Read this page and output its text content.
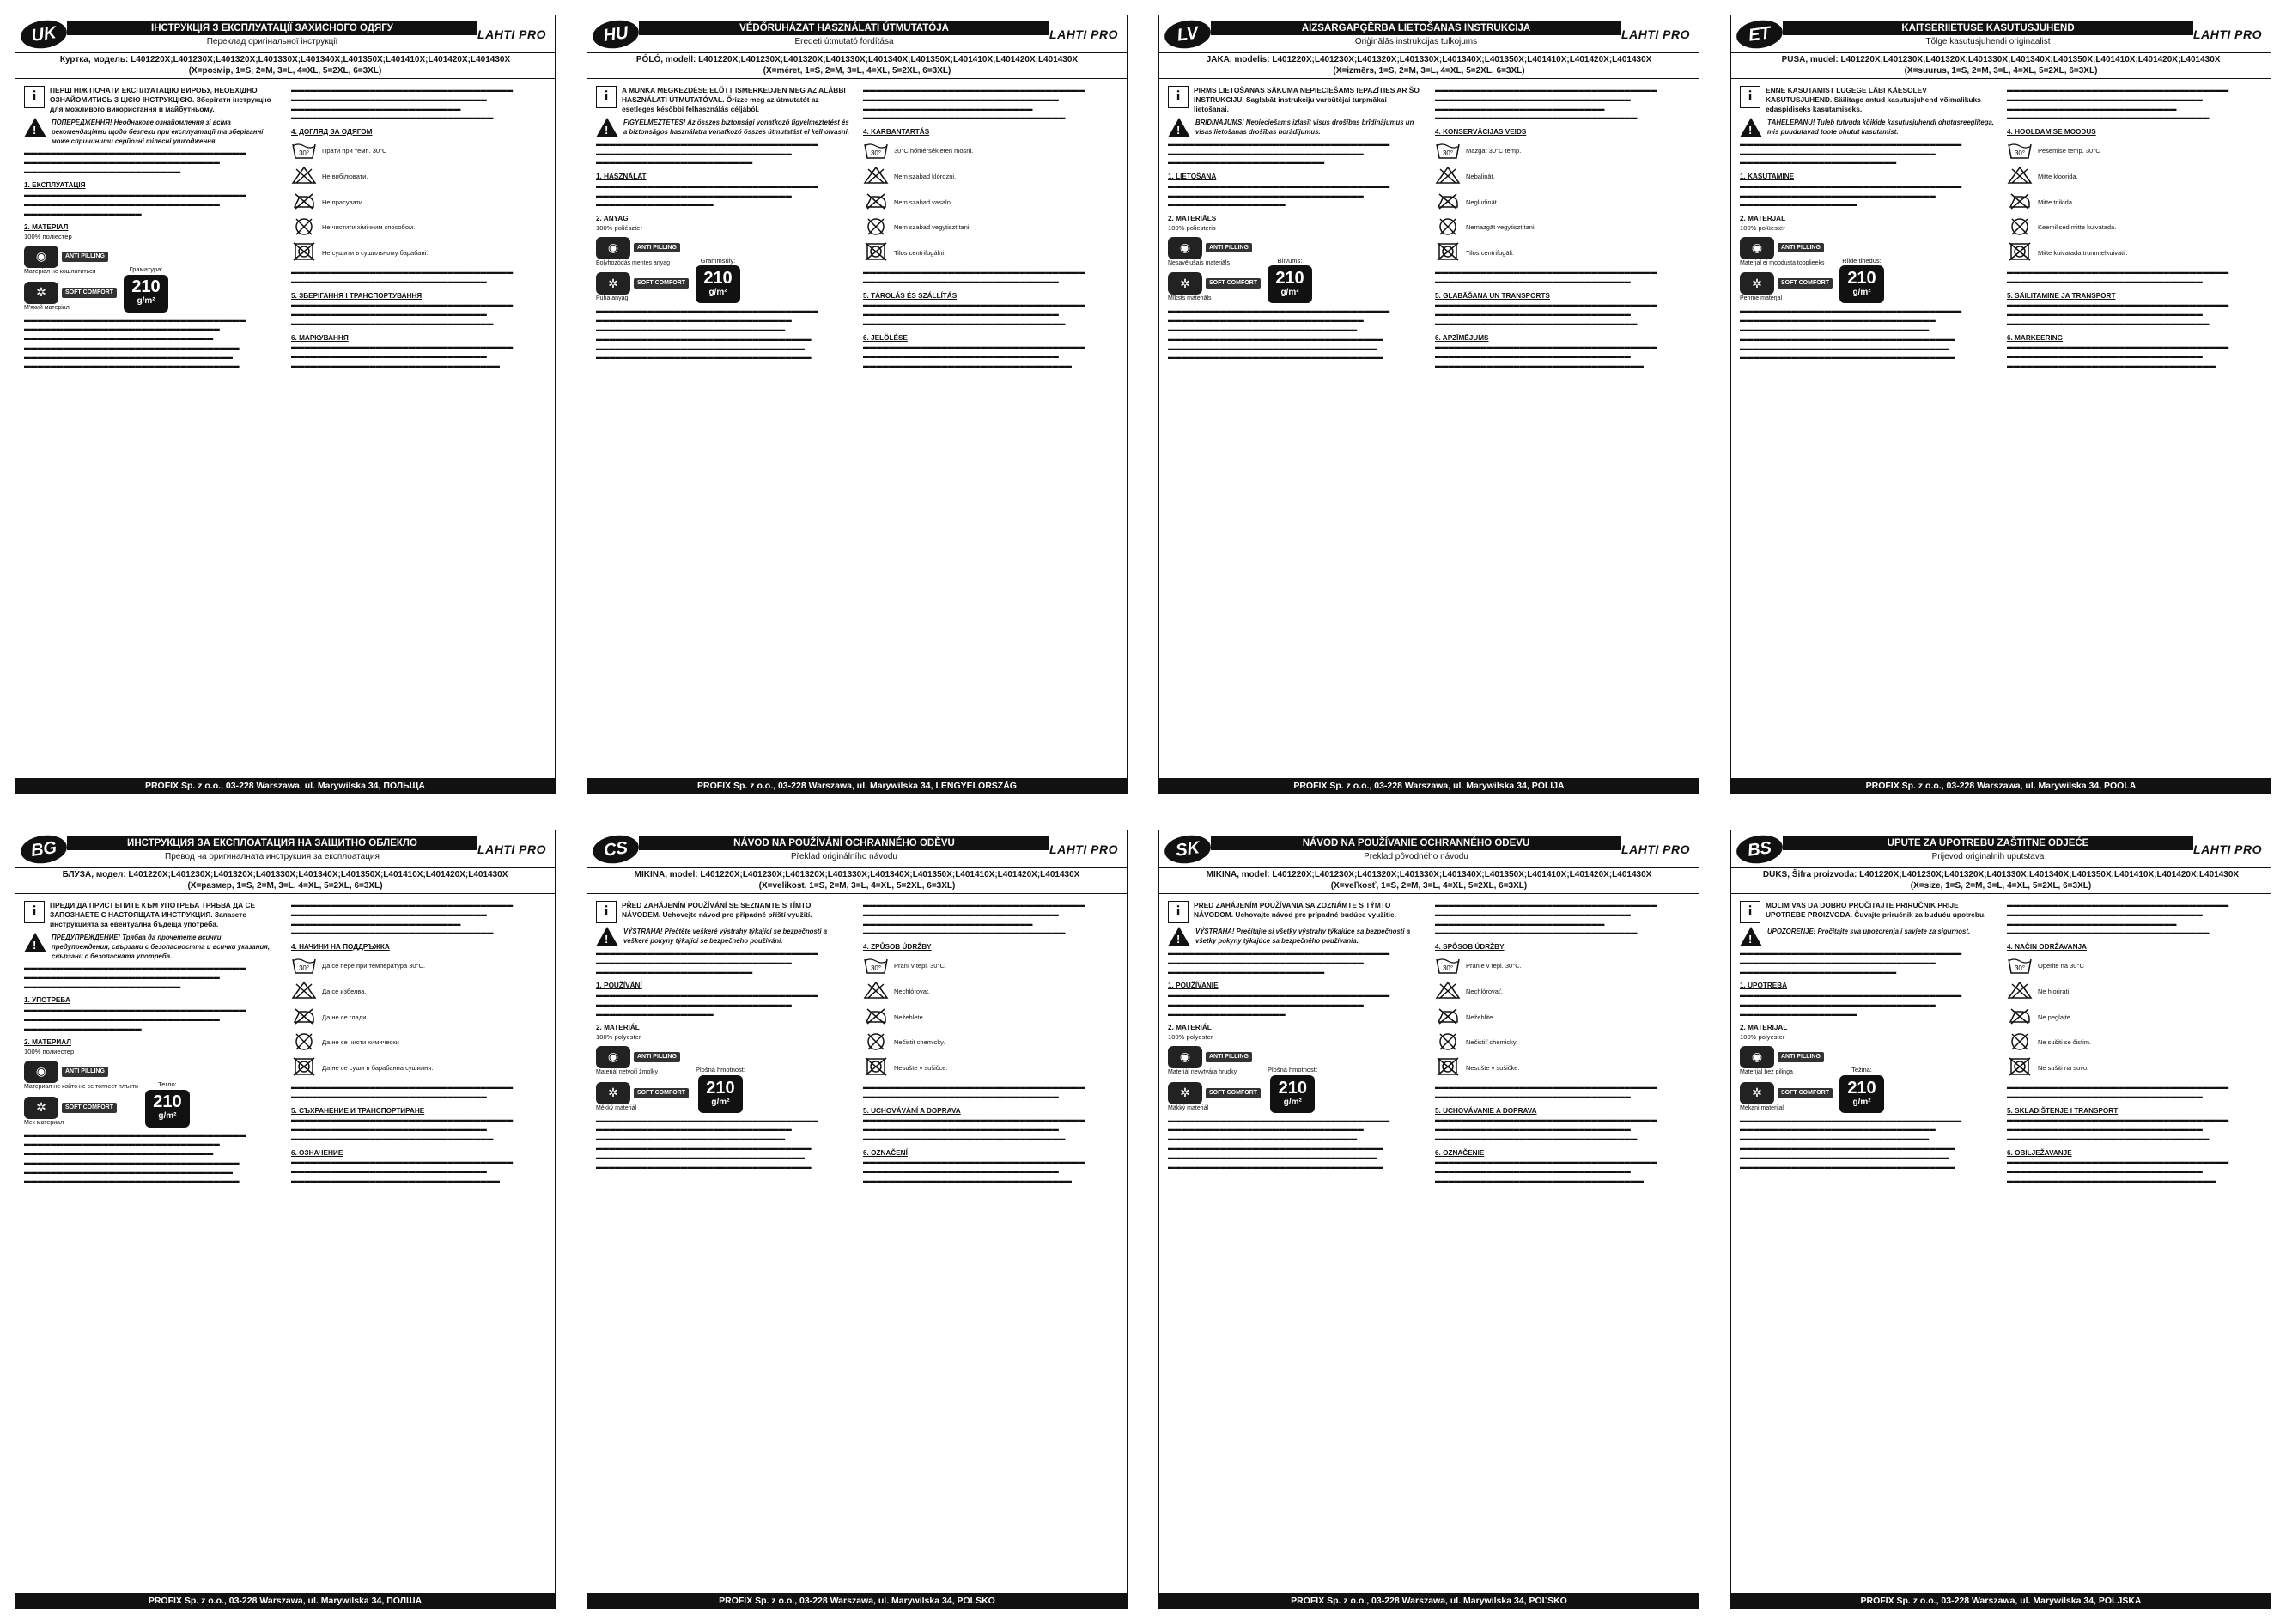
UK	ІНСТРУКЦІЯ З ЕКСПЛУАТАЦІЇ ЗАХИСНОГО ОДЯГУ
Переклад оригінальної інструкції
LAHTI PRO
Куртка, модель: L401220X;L401230X;L401320X;L401330X;L401340X;L401350X;L401410X;L401420X;L401430X
(X=розмір, 1=S, 2=M, 3=L, 4=XL, 5=2XL, 6=3XL)
i	ПЕРШ НІЖ ПОЧАТИ ЕКСПЛУАТАЦІЮ ВИРОБУ, НЕОБХІДНО ОЗНАЙОМИТИСЬ З ЦІЄЮ ІНСТРУКЦІЄЮ. Зберігати інструкцію для можливого використання в майбутньому.
!
ПОПЕРЕДЖЕННЯ! Неоднакове ознайомлення зі всіма рекомендаціями щодо безпеки при експлуатації та зберіганні може спричинити серйозні тілесні ушкодження.
▬▬▬▬▬▬▬▬▬▬▬▬▬▬▬▬▬▬▬▬▬▬▬▬▬▬▬▬▬▬▬▬▬▬ ▬▬▬▬▬▬▬▬▬▬▬▬▬▬▬▬▬▬▬▬▬▬▬▬▬▬▬▬▬▬ ▬▬▬▬▬▬▬▬▬▬▬▬▬▬▬▬▬▬▬▬▬▬▬▬
1. ЕКСПЛУАТАЦІЯ
▬▬▬▬▬▬▬▬▬▬▬▬▬▬▬▬▬▬▬▬▬▬▬▬▬▬▬▬▬▬▬▬▬▬ ▬▬▬▬▬▬▬▬▬▬▬▬▬▬▬▬▬▬▬▬▬▬▬▬▬▬▬▬▬▬ ▬▬▬▬▬▬▬▬▬▬▬▬▬▬▬▬▬▬
2. МАТЕРІАЛ
100% поліестер
◉	ANTI PILLING
Матеріал не кошлатиться
✲	SOFT COMFORT
М'який матеріал
Граматура:
210
g/m²
▬▬▬▬▬▬▬▬▬▬▬▬▬▬▬▬▬▬▬▬▬▬▬▬▬▬▬▬▬▬▬▬▬▬ ▬▬▬▬▬▬▬▬▬▬▬▬▬▬▬▬▬▬▬▬▬▬▬▬▬▬▬▬▬▬ ▬▬▬▬▬▬▬▬▬▬▬▬▬▬▬▬▬▬▬▬▬▬▬▬▬▬▬▬▬ ▬▬▬▬▬▬▬▬▬▬▬▬▬▬▬▬▬▬▬▬▬▬▬▬▬▬▬▬▬▬▬▬▬ ▬▬▬▬▬▬▬▬▬▬▬▬▬▬▬▬▬▬▬▬▬▬▬▬▬▬▬▬▬▬▬▬ ▬▬▬▬▬▬▬▬▬▬▬▬▬▬▬▬▬▬▬▬▬▬▬▬▬▬▬▬▬▬▬▬▬
▬▬▬▬▬▬▬▬▬▬▬▬▬▬▬▬▬▬▬▬▬▬▬▬▬▬▬▬▬▬▬▬▬▬ ▬▬▬▬▬▬▬▬▬▬▬▬▬▬▬▬▬▬▬▬▬▬▬▬▬▬▬▬▬▬ ▬▬▬▬▬▬▬▬▬▬▬▬▬▬▬▬▬▬▬▬▬▬▬▬▬▬ ▬▬▬▬▬▬▬▬▬▬▬▬▬▬▬▬▬▬▬▬▬▬▬▬▬▬▬▬▬▬▬
4. ДОГЛЯД ЗА ОДЯГОМ
30° Прати при темп. 30°C
Не вибілювати.
Не прасувати.
Не чистити хімічним способом.
Не сушити в сушильному барабані.
▬▬▬▬▬▬▬▬▬▬▬▬▬▬▬▬▬▬▬▬▬▬▬▬▬▬▬▬▬▬▬▬▬▬ ▬▬▬▬▬▬▬▬▬▬▬▬▬▬▬▬▬▬▬▬▬▬▬▬▬▬▬▬▬▬
5. ЗБЕРІГАННЯ І ТРАНСПОРТУВАННЯ
▬▬▬▬▬▬▬▬▬▬▬▬▬▬▬▬▬▬▬▬▬▬▬▬▬▬▬▬▬▬▬▬▬▬ ▬▬▬▬▬▬▬▬▬▬▬▬▬▬▬▬▬▬▬▬▬▬▬▬▬▬▬▬▬▬ ▬▬▬▬▬▬▬▬▬▬▬▬▬▬▬▬▬▬▬▬▬▬▬▬▬▬▬▬▬▬▬
6. МАРКУВАННЯ
▬▬▬▬▬▬▬▬▬▬▬▬▬▬▬▬▬▬▬▬▬▬▬▬▬▬▬▬▬▬▬▬▬▬ ▬▬▬▬▬▬▬▬▬▬▬▬▬▬▬▬▬▬▬▬▬▬▬▬▬▬▬▬▬▬ ▬▬▬▬▬▬▬▬▬▬▬▬▬▬▬▬▬▬▬▬▬▬▬▬▬▬▬▬▬▬▬▬
PROFIX Sp. z o.o., 03-228 Warszawa, ul. Marywilska 34, ПОЛЬЩА
HU	VÉDŐRUHÁZAT HASZNÁLATI ÚTMUTATÓJA
Eredeti útmutató fordítása
LAHTI PRO
PÓLÓ, modell: L401220X;L401230X;L401320X;L401330X;L401340X;L401350X;L401410X;L401420X;L401430X
(X=méret, 1=S, 2=M, 3=L, 4=XL, 5=2XL, 6=3XL)
i	A MUNKA MEGKEZDÉSE ELŐTT ISMERKEDJEN MEG AZ ALÁBBI HASZNÁLATI ÚTMUTATÓVAL. Őrizze meg az útmutatót az esetleges későbbi felhasználás céljából.
!
FIGYELMEZTETÉS! Az összes biztonsági vonatkozó figyelmeztetést és a biztonságos használatra vonatkozó összes útmutatást el kell olvasni.
▬▬▬▬▬▬▬▬▬▬▬▬▬▬▬▬▬▬▬▬▬▬▬▬▬▬▬▬▬▬▬▬▬▬ ▬▬▬▬▬▬▬▬▬▬▬▬▬▬▬▬▬▬▬▬▬▬▬▬▬▬▬▬▬▬ ▬▬▬▬▬▬▬▬▬▬▬▬▬▬▬▬▬▬▬▬▬▬▬▬
1. HASZNÁLAT
▬▬▬▬▬▬▬▬▬▬▬▬▬▬▬▬▬▬▬▬▬▬▬▬▬▬▬▬▬▬▬▬▬▬ ▬▬▬▬▬▬▬▬▬▬▬▬▬▬▬▬▬▬▬▬▬▬▬▬▬▬▬▬▬▬ ▬▬▬▬▬▬▬▬▬▬▬▬▬▬▬▬▬▬
2. ANYAG
100% poliészter
◉	ANTI PILLING
Bolyhozódás mentes anyag
✲	SOFT COMFORT
Puha anyag
Grammsúly:
210
g/m²
▬▬▬▬▬▬▬▬▬▬▬▬▬▬▬▬▬▬▬▬▬▬▬▬▬▬▬▬▬▬▬▬▬▬ ▬▬▬▬▬▬▬▬▬▬▬▬▬▬▬▬▬▬▬▬▬▬▬▬▬▬▬▬▬▬ ▬▬▬▬▬▬▬▬▬▬▬▬▬▬▬▬▬▬▬▬▬▬▬▬▬▬▬▬▬ ▬▬▬▬▬▬▬▬▬▬▬▬▬▬▬▬▬▬▬▬▬▬▬▬▬▬▬▬▬▬▬▬▬ ▬▬▬▬▬▬▬▬▬▬▬▬▬▬▬▬▬▬▬▬▬▬▬▬▬▬▬▬▬▬▬▬ ▬▬▬▬▬▬▬▬▬▬▬▬▬▬▬▬▬▬▬▬▬▬▬▬▬▬▬▬▬▬▬▬▬
▬▬▬▬▬▬▬▬▬▬▬▬▬▬▬▬▬▬▬▬▬▬▬▬▬▬▬▬▬▬▬▬▬▬ ▬▬▬▬▬▬▬▬▬▬▬▬▬▬▬▬▬▬▬▬▬▬▬▬▬▬▬▬▬▬ ▬▬▬▬▬▬▬▬▬▬▬▬▬▬▬▬▬▬▬▬▬▬▬▬▬▬ ▬▬▬▬▬▬▬▬▬▬▬▬▬▬▬▬▬▬▬▬▬▬▬▬▬▬▬▬▬▬▬
4. KARBANTARTÁS
30° 30°C hőmérsékleten mosni.
Nem szabad klórozni.
Nem szabad vasalni
Nem szabad vegytisztítani.
Tilos centrifugálni.
▬▬▬▬▬▬▬▬▬▬▬▬▬▬▬▬▬▬▬▬▬▬▬▬▬▬▬▬▬▬▬▬▬▬ ▬▬▬▬▬▬▬▬▬▬▬▬▬▬▬▬▬▬▬▬▬▬▬▬▬▬▬▬▬▬
5. TÁROLÁS ÉS SZÁLLÍTÁS
▬▬▬▬▬▬▬▬▬▬▬▬▬▬▬▬▬▬▬▬▬▬▬▬▬▬▬▬▬▬▬▬▬▬ ▬▬▬▬▬▬▬▬▬▬▬▬▬▬▬▬▬▬▬▬▬▬▬▬▬▬▬▬▬▬ ▬▬▬▬▬▬▬▬▬▬▬▬▬▬▬▬▬▬▬▬▬▬▬▬▬▬▬▬▬▬▬
6. JELÖLÉSE
▬▬▬▬▬▬▬▬▬▬▬▬▬▬▬▬▬▬▬▬▬▬▬▬▬▬▬▬▬▬▬▬▬▬ ▬▬▬▬▬▬▬▬▬▬▬▬▬▬▬▬▬▬▬▬▬▬▬▬▬▬▬▬▬▬ ▬▬▬▬▬▬▬▬▬▬▬▬▬▬▬▬▬▬▬▬▬▬▬▬▬▬▬▬▬▬▬▬
PROFIX Sp. z o.o., 03-228 Warszawa, ul. Marywilska 34, LENGYELORSZÁG
LV	AIZSARGAPĢĒRBA LIETOŠANAS INSTRUKCIJA
Oriģinālās instrukcijas tulkojums
LAHTI PRO
JAKA, modelis: L401220X;L401230X;L401320X;L401330X;L401340X;L401350X;L401410X;L401420X;L401430X
(X=izmērs, 1=S, 2=M, 3=L, 4=XL, 5=2XL, 6=3XL)
i	PIRMS LIETOŠANAS SĀKUMA NEPIECIEŠAMS IEPAZĪTIES AR ŠO INSTRUKCIJU. Saglabāt instrukciju varbūtējai turpmākai lietošanai.
!
BRĪDINĀJUMS! Nepieciešams izlasīt visus drošības brīdinājumus un visas lietošanas drošības norādījumus.
▬▬▬▬▬▬▬▬▬▬▬▬▬▬▬▬▬▬▬▬▬▬▬▬▬▬▬▬▬▬▬▬▬▬ ▬▬▬▬▬▬▬▬▬▬▬▬▬▬▬▬▬▬▬▬▬▬▬▬▬▬▬▬▬▬ ▬▬▬▬▬▬▬▬▬▬▬▬▬▬▬▬▬▬▬▬▬▬▬▬
1. LIETOŠANA
▬▬▬▬▬▬▬▬▬▬▬▬▬▬▬▬▬▬▬▬▬▬▬▬▬▬▬▬▬▬▬▬▬▬ ▬▬▬▬▬▬▬▬▬▬▬▬▬▬▬▬▬▬▬▬▬▬▬▬▬▬▬▬▬▬ ▬▬▬▬▬▬▬▬▬▬▬▬▬▬▬▬▬▬
2. MATERIĀLS
100% poliesteris
◉	ANTI PILLING
Nesavēlušais materiāls
✲	SOFT COMFORT
Mīksts materiāls
Blīvums:
210
g/m²
▬▬▬▬▬▬▬▬▬▬▬▬▬▬▬▬▬▬▬▬▬▬▬▬▬▬▬▬▬▬▬▬▬▬ ▬▬▬▬▬▬▬▬▬▬▬▬▬▬▬▬▬▬▬▬▬▬▬▬▬▬▬▬▬▬ ▬▬▬▬▬▬▬▬▬▬▬▬▬▬▬▬▬▬▬▬▬▬▬▬▬▬▬▬▬ ▬▬▬▬▬▬▬▬▬▬▬▬▬▬▬▬▬▬▬▬▬▬▬▬▬▬▬▬▬▬▬▬▬ ▬▬▬▬▬▬▬▬▬▬▬▬▬▬▬▬▬▬▬▬▬▬▬▬▬▬▬▬▬▬▬▬ ▬▬▬▬▬▬▬▬▬▬▬▬▬▬▬▬▬▬▬▬▬▬▬▬▬▬▬▬▬▬▬▬▬
▬▬▬▬▬▬▬▬▬▬▬▬▬▬▬▬▬▬▬▬▬▬▬▬▬▬▬▬▬▬▬▬▬▬ ▬▬▬▬▬▬▬▬▬▬▬▬▬▬▬▬▬▬▬▬▬▬▬▬▬▬▬▬▬▬ ▬▬▬▬▬▬▬▬▬▬▬▬▬▬▬▬▬▬▬▬▬▬▬▬▬▬ ▬▬▬▬▬▬▬▬▬▬▬▬▬▬▬▬▬▬▬▬▬▬▬▬▬▬▬▬▬▬▬
4. KONSERVĀCIJAS VEIDS
30° Mazgāt 30°C temp.
Nebalināt.
Negludināt
Nemazgāt vegytisztítani.
Tilos centrifugāli.
▬▬▬▬▬▬▬▬▬▬▬▬▬▬▬▬▬▬▬▬▬▬▬▬▬▬▬▬▬▬▬▬▬▬ ▬▬▬▬▬▬▬▬▬▬▬▬▬▬▬▬▬▬▬▬▬▬▬▬▬▬▬▬▬▬
5. GLABĀŠANA UN TRANSPORTS
▬▬▬▬▬▬▬▬▬▬▬▬▬▬▬▬▬▬▬▬▬▬▬▬▬▬▬▬▬▬▬▬▬▬ ▬▬▬▬▬▬▬▬▬▬▬▬▬▬▬▬▬▬▬▬▬▬▬▬▬▬▬▬▬▬ ▬▬▬▬▬▬▬▬▬▬▬▬▬▬▬▬▬▬▬▬▬▬▬▬▬▬▬▬▬▬▬
6. APZĪMĒJUMS
▬▬▬▬▬▬▬▬▬▬▬▬▬▬▬▬▬▬▬▬▬▬▬▬▬▬▬▬▬▬▬▬▬▬ ▬▬▬▬▬▬▬▬▬▬▬▬▬▬▬▬▬▬▬▬▬▬▬▬▬▬▬▬▬▬ ▬▬▬▬▬▬▬▬▬▬▬▬▬▬▬▬▬▬▬▬▬▬▬▬▬▬▬▬▬▬▬▬
PROFIX Sp. z o.o., 03-228 Warszawa, ul. Marywilska 34, POLIJA
ET	KAITSERIIETUSE KASUTUSJUHEND
Tõlge kasutusjuhendi originaalist
LAHTI PRO
PUSA, mudel: L401220X;L401230X;L401320X;L401330X;L401340X;L401350X;L401410X;L401420X;L401430X
(X=suurus, 1=S, 2=M, 3=L, 4=XL, 5=2XL, 6=3XL)
i	ENNE KASUTAMIST LUGEGE LÄBI KÄESOLEV KASUTUSJUHEND. Säilitage antud kasutusjuhend võimalikuks edaspidiseks kasutamiseks.
!
TÄHELEPANU! Tuleb tutvuda kõikide kasutusjuhendi ohutusreeglitega, mis puudutavad toote ohutut kasutamist.
▬▬▬▬▬▬▬▬▬▬▬▬▬▬▬▬▬▬▬▬▬▬▬▬▬▬▬▬▬▬▬▬▬▬ ▬▬▬▬▬▬▬▬▬▬▬▬▬▬▬▬▬▬▬▬▬▬▬▬▬▬▬▬▬▬ ▬▬▬▬▬▬▬▬▬▬▬▬▬▬▬▬▬▬▬▬▬▬▬▬
1. KASUTAMINE
▬▬▬▬▬▬▬▬▬▬▬▬▬▬▬▬▬▬▬▬▬▬▬▬▬▬▬▬▬▬▬▬▬▬ ▬▬▬▬▬▬▬▬▬▬▬▬▬▬▬▬▬▬▬▬▬▬▬▬▬▬▬▬▬▬ ▬▬▬▬▬▬▬▬▬▬▬▬▬▬▬▬▬▬
2. MATERJAL
100% polüester
◉	ANTI PILLING
Materjal ei moodusta topplieeks
✲	SOFT COMFORT
Pehme materjal
Riide tihedus:
210
g/m²
▬▬▬▬▬▬▬▬▬▬▬▬▬▬▬▬▬▬▬▬▬▬▬▬▬▬▬▬▬▬▬▬▬▬ ▬▬▬▬▬▬▬▬▬▬▬▬▬▬▬▬▬▬▬▬▬▬▬▬▬▬▬▬▬▬ ▬▬▬▬▬▬▬▬▬▬▬▬▬▬▬▬▬▬▬▬▬▬▬▬▬▬▬▬▬ ▬▬▬▬▬▬▬▬▬▬▬▬▬▬▬▬▬▬▬▬▬▬▬▬▬▬▬▬▬▬▬▬▬ ▬▬▬▬▬▬▬▬▬▬▬▬▬▬▬▬▬▬▬▬▬▬▬▬▬▬▬▬▬▬▬▬ ▬▬▬▬▬▬▬▬▬▬▬▬▬▬▬▬▬▬▬▬▬▬▬▬▬▬▬▬▬▬▬▬▬
▬▬▬▬▬▬▬▬▬▬▬▬▬▬▬▬▬▬▬▬▬▬▬▬▬▬▬▬▬▬▬▬▬▬ ▬▬▬▬▬▬▬▬▬▬▬▬▬▬▬▬▬▬▬▬▬▬▬▬▬▬▬▬▬▬ ▬▬▬▬▬▬▬▬▬▬▬▬▬▬▬▬▬▬▬▬▬▬▬▬▬▬ ▬▬▬▬▬▬▬▬▬▬▬▬▬▬▬▬▬▬▬▬▬▬▬▬▬▬▬▬▬▬▬
4. HOOLDAMISE MOODUS
30° Pesemise temp. 30°C
Mitte kloorida.
Mitte triikida
Keemilised mitte kuivatada.
Mitte kuivatada trummelkuivatil.
▬▬▬▬▬▬▬▬▬▬▬▬▬▬▬▬▬▬▬▬▬▬▬▬▬▬▬▬▬▬▬▬▬▬ ▬▬▬▬▬▬▬▬▬▬▬▬▬▬▬▬▬▬▬▬▬▬▬▬▬▬▬▬▬▬
5. SÄILITAMINE JA TRANSPORT
▬▬▬▬▬▬▬▬▬▬▬▬▬▬▬▬▬▬▬▬▬▬▬▬▬▬▬▬▬▬▬▬▬▬ ▬▬▬▬▬▬▬▬▬▬▬▬▬▬▬▬▬▬▬▬▬▬▬▬▬▬▬▬▬▬ ▬▬▬▬▬▬▬▬▬▬▬▬▬▬▬▬▬▬▬▬▬▬▬▬▬▬▬▬▬▬▬
6. MARKEERING
▬▬▬▬▬▬▬▬▬▬▬▬▬▬▬▬▬▬▬▬▬▬▬▬▬▬▬▬▬▬▬▬▬▬ ▬▬▬▬▬▬▬▬▬▬▬▬▬▬▬▬▬▬▬▬▬▬▬▬▬▬▬▬▬▬ ▬▬▬▬▬▬▬▬▬▬▬▬▬▬▬▬▬▬▬▬▬▬▬▬▬▬▬▬▬▬▬▬
PROFIX Sp. z o.o., 03-228 Warszawa, ul. Marywilska 34, POOLA
BG	ИНСТРУКЦИЯ ЗА ЕКСПЛОАТАЦИЯ НА ЗАЩИТНО ОБЛЕКЛО
Превод на оригиналната инструкция за експлоатация
LAHTI PRO
БЛУЗА, модел: L401220X;L401230X;L401320X;L401330X;L401340X;L401350X;L401410X;L401420X;L401430X
(X=размер, 1=S, 2=M, 3=L, 4=XL, 5=2XL, 6=3XL)
i	ПРЕДИ ДА ПРИСТЪПИТЕ КЪМ УПОТРЕБА ТРЯБВА ДА СЕ ЗАПОЗНАЕТЕ С НАСТОЯЩАТА ИНСТРУКЦИЯ. Запазете инструкцията за евентуална бъдеща употреба.
!
ПРЕДУПРЕЖДЕНИЕ! Трябва да прочетете всички предупреждения, свързани с безопасността и всички указания, свързани с безопасната употреба.
▬▬▬▬▬▬▬▬▬▬▬▬▬▬▬▬▬▬▬▬▬▬▬▬▬▬▬▬▬▬▬▬▬▬ ▬▬▬▬▬▬▬▬▬▬▬▬▬▬▬▬▬▬▬▬▬▬▬▬▬▬▬▬▬▬ ▬▬▬▬▬▬▬▬▬▬▬▬▬▬▬▬▬▬▬▬▬▬▬▬
1. УПОТРЕБА
▬▬▬▬▬▬▬▬▬▬▬▬▬▬▬▬▬▬▬▬▬▬▬▬▬▬▬▬▬▬▬▬▬▬ ▬▬▬▬▬▬▬▬▬▬▬▬▬▬▬▬▬▬▬▬▬▬▬▬▬▬▬▬▬▬ ▬▬▬▬▬▬▬▬▬▬▬▬▬▬▬▬▬▬
2. МАТЕРИАЛ
100% полиестер
◉	ANTI PILLING
Материал не който не се топчест плъсти
✲	SOFT COMFORT
Мек материал
Тегло:
210
g/m²
▬▬▬▬▬▬▬▬▬▬▬▬▬▬▬▬▬▬▬▬▬▬▬▬▬▬▬▬▬▬▬▬▬▬ ▬▬▬▬▬▬▬▬▬▬▬▬▬▬▬▬▬▬▬▬▬▬▬▬▬▬▬▬▬▬ ▬▬▬▬▬▬▬▬▬▬▬▬▬▬▬▬▬▬▬▬▬▬▬▬▬▬▬▬▬ ▬▬▬▬▬▬▬▬▬▬▬▬▬▬▬▬▬▬▬▬▬▬▬▬▬▬▬▬▬▬▬▬▬ ▬▬▬▬▬▬▬▬▬▬▬▬▬▬▬▬▬▬▬▬▬▬▬▬▬▬▬▬▬▬▬▬ ▬▬▬▬▬▬▬▬▬▬▬▬▬▬▬▬▬▬▬▬▬▬▬▬▬▬▬▬▬▬▬▬▬
▬▬▬▬▬▬▬▬▬▬▬▬▬▬▬▬▬▬▬▬▬▬▬▬▬▬▬▬▬▬▬▬▬▬ ▬▬▬▬▬▬▬▬▬▬▬▬▬▬▬▬▬▬▬▬▬▬▬▬▬▬▬▬▬▬ ▬▬▬▬▬▬▬▬▬▬▬▬▬▬▬▬▬▬▬▬▬▬▬▬▬▬ ▬▬▬▬▬▬▬▬▬▬▬▬▬▬▬▬▬▬▬▬▬▬▬▬▬▬▬▬▬▬▬
4. НАЧИНИ НА ПОДДРЪЖКА
30° Да се пере при температура 30°C.
Да се избелва.
Да не се глади
Да не се чисти химически
Да не се суши в барабанна сушилня.
▬▬▬▬▬▬▬▬▬▬▬▬▬▬▬▬▬▬▬▬▬▬▬▬▬▬▬▬▬▬▬▬▬▬ ▬▬▬▬▬▬▬▬▬▬▬▬▬▬▬▬▬▬▬▬▬▬▬▬▬▬▬▬▬▬
5. СЪХРАНЕНИЕ И ТРАНСПОРТИРАНЕ
▬▬▬▬▬▬▬▬▬▬▬▬▬▬▬▬▬▬▬▬▬▬▬▬▬▬▬▬▬▬▬▬▬▬ ▬▬▬▬▬▬▬▬▬▬▬▬▬▬▬▬▬▬▬▬▬▬▬▬▬▬▬▬▬▬ ▬▬▬▬▬▬▬▬▬▬▬▬▬▬▬▬▬▬▬▬▬▬▬▬▬▬▬▬▬▬▬
6. ОЗНАЧЕНИЕ
▬▬▬▬▬▬▬▬▬▬▬▬▬▬▬▬▬▬▬▬▬▬▬▬▬▬▬▬▬▬▬▬▬▬ ▬▬▬▬▬▬▬▬▬▬▬▬▬▬▬▬▬▬▬▬▬▬▬▬▬▬▬▬▬▬ ▬▬▬▬▬▬▬▬▬▬▬▬▬▬▬▬▬▬▬▬▬▬▬▬▬▬▬▬▬▬▬▬
PROFIX Sp. z o.o., 03-228 Warszawa, ul. Marywilska 34, ПОЛША
CS	NÁVOD NA POUŽÍVÁNÍ OCHRANNÉHO ODĚVU
Překlad originálního návodu
LAHTI PRO
MIKINA, model: L401220X;L401230X;L401320X;L401330X;L401340X;L401350X;L401410X;L401420X;L401430X
(X=velikost, 1=S, 2=M, 3=L, 4=XL, 5=2XL, 6=3XL)
i	PŘED ZAHÁJENÍM POUŽÍVÁNÍ SE SEZNAMTE S TÍMTO NÁVODEM. Uchovejte návod pro případné příští využití.
!
VÝSTRAHA! Přečtěte veškeré výstrahy týkající se bezpečnosti a veškeré pokyny týkající se bezpečného používání.
▬▬▬▬▬▬▬▬▬▬▬▬▬▬▬▬▬▬▬▬▬▬▬▬▬▬▬▬▬▬▬▬▬▬ ▬▬▬▬▬▬▬▬▬▬▬▬▬▬▬▬▬▬▬▬▬▬▬▬▬▬▬▬▬▬ ▬▬▬▬▬▬▬▬▬▬▬▬▬▬▬▬▬▬▬▬▬▬▬▬
1. POUŽÍVÁNÍ
▬▬▬▬▬▬▬▬▬▬▬▬▬▬▬▬▬▬▬▬▬▬▬▬▬▬▬▬▬▬▬▬▬▬ ▬▬▬▬▬▬▬▬▬▬▬▬▬▬▬▬▬▬▬▬▬▬▬▬▬▬▬▬▬▬ ▬▬▬▬▬▬▬▬▬▬▬▬▬▬▬▬▬▬
2. MATERIÁL
100% polyester
◉	ANTI PILLING
Materiál netvoří žmolky
✲	SOFT COMFORT
Měkký materiál
Plošná hmotnost:
210
g/m²
▬▬▬▬▬▬▬▬▬▬▬▬▬▬▬▬▬▬▬▬▬▬▬▬▬▬▬▬▬▬▬▬▬▬ ▬▬▬▬▬▬▬▬▬▬▬▬▬▬▬▬▬▬▬▬▬▬▬▬▬▬▬▬▬▬ ▬▬▬▬▬▬▬▬▬▬▬▬▬▬▬▬▬▬▬▬▬▬▬▬▬▬▬▬▬ ▬▬▬▬▬▬▬▬▬▬▬▬▬▬▬▬▬▬▬▬▬▬▬▬▬▬▬▬▬▬▬▬▬ ▬▬▬▬▬▬▬▬▬▬▬▬▬▬▬▬▬▬▬▬▬▬▬▬▬▬▬▬▬▬▬▬ ▬▬▬▬▬▬▬▬▬▬▬▬▬▬▬▬▬▬▬▬▬▬▬▬▬▬▬▬▬▬▬▬▬
▬▬▬▬▬▬▬▬▬▬▬▬▬▬▬▬▬▬▬▬▬▬▬▬▬▬▬▬▬▬▬▬▬▬ ▬▬▬▬▬▬▬▬▬▬▬▬▬▬▬▬▬▬▬▬▬▬▬▬▬▬▬▬▬▬ ▬▬▬▬▬▬▬▬▬▬▬▬▬▬▬▬▬▬▬▬▬▬▬▬▬▬ ▬▬▬▬▬▬▬▬▬▬▬▬▬▬▬▬▬▬▬▬▬▬▬▬▬▬▬▬▬▬▬
4. ZPŮSOB ÚDRŽBY
30° Praní v tepl. 30°C.
Nechlórovat.
Nežehlete.
Nečistit chemicky.
Nesušte v sušičce.
▬▬▬▬▬▬▬▬▬▬▬▬▬▬▬▬▬▬▬▬▬▬▬▬▬▬▬▬▬▬▬▬▬▬ ▬▬▬▬▬▬▬▬▬▬▬▬▬▬▬▬▬▬▬▬▬▬▬▬▬▬▬▬▬▬
5. UCHOVÁVÁNÍ A DOPRAVA
▬▬▬▬▬▬▬▬▬▬▬▬▬▬▬▬▬▬▬▬▬▬▬▬▬▬▬▬▬▬▬▬▬▬ ▬▬▬▬▬▬▬▬▬▬▬▬▬▬▬▬▬▬▬▬▬▬▬▬▬▬▬▬▬▬ ▬▬▬▬▬▬▬▬▬▬▬▬▬▬▬▬▬▬▬▬▬▬▬▬▬▬▬▬▬▬▬
6. OZNAČENÍ
▬▬▬▬▬▬▬▬▬▬▬▬▬▬▬▬▬▬▬▬▬▬▬▬▬▬▬▬▬▬▬▬▬▬ ▬▬▬▬▬▬▬▬▬▬▬▬▬▬▬▬▬▬▬▬▬▬▬▬▬▬▬▬▬▬ ▬▬▬▬▬▬▬▬▬▬▬▬▬▬▬▬▬▬▬▬▬▬▬▬▬▬▬▬▬▬▬▬
PROFIX Sp. z o.o., 03-228 Warszawa, ul. Marywilska 34, POLSKO
SK	NÁVOD NA POUŽÍVANIE OCHRANNÉHO ODEVU
Preklad pôvodného návodu
LAHTI PRO
MIKINA, model: L401220X;L401230X;L401320X;L401330X;L401340X;L401350X;L401410X;L401420X;L401430X
(X=veľkosť, 1=S, 2=M, 3=L, 4=XL, 5=2XL, 6=3XL)
i	PRED ZAHÁJENÍM POUŽÍVANIA SA ZOZNÁMTE S TÝMTO NÁVODOM. Uchovajte návod pre prípadné budúce využitie.
!
VÝSTRAHA! Prečítajte si všetky výstrahy týkajúce sa bezpečnosti a všetky pokyny týkajúce sa bezpečného používania.
▬▬▬▬▬▬▬▬▬▬▬▬▬▬▬▬▬▬▬▬▬▬▬▬▬▬▬▬▬▬▬▬▬▬ ▬▬▬▬▬▬▬▬▬▬▬▬▬▬▬▬▬▬▬▬▬▬▬▬▬▬▬▬▬▬ ▬▬▬▬▬▬▬▬▬▬▬▬▬▬▬▬▬▬▬▬▬▬▬▬
1. POUŽÍVANIE
▬▬▬▬▬▬▬▬▬▬▬▬▬▬▬▬▬▬▬▬▬▬▬▬▬▬▬▬▬▬▬▬▬▬ ▬▬▬▬▬▬▬▬▬▬▬▬▬▬▬▬▬▬▬▬▬▬▬▬▬▬▬▬▬▬ ▬▬▬▬▬▬▬▬▬▬▬▬▬▬▬▬▬▬
2. MATERIÁL
100% polyester
◉	ANTI PILLING
Materiál nevytvára hrudky
✲	SOFT COMFORT
Mäkký materiál
Plošná hmotnosť:
210
g/m²
▬▬▬▬▬▬▬▬▬▬▬▬▬▬▬▬▬▬▬▬▬▬▬▬▬▬▬▬▬▬▬▬▬▬ ▬▬▬▬▬▬▬▬▬▬▬▬▬▬▬▬▬▬▬▬▬▬▬▬▬▬▬▬▬▬ ▬▬▬▬▬▬▬▬▬▬▬▬▬▬▬▬▬▬▬▬▬▬▬▬▬▬▬▬▬ ▬▬▬▬▬▬▬▬▬▬▬▬▬▬▬▬▬▬▬▬▬▬▬▬▬▬▬▬▬▬▬▬▬ ▬▬▬▬▬▬▬▬▬▬▬▬▬▬▬▬▬▬▬▬▬▬▬▬▬▬▬▬▬▬▬▬ ▬▬▬▬▬▬▬▬▬▬▬▬▬▬▬▬▬▬▬▬▬▬▬▬▬▬▬▬▬▬▬▬▬
▬▬▬▬▬▬▬▬▬▬▬▬▬▬▬▬▬▬▬▬▬▬▬▬▬▬▬▬▬▬▬▬▬▬ ▬▬▬▬▬▬▬▬▬▬▬▬▬▬▬▬▬▬▬▬▬▬▬▬▬▬▬▬▬▬ ▬▬▬▬▬▬▬▬▬▬▬▬▬▬▬▬▬▬▬▬▬▬▬▬▬▬ ▬▬▬▬▬▬▬▬▬▬▬▬▬▬▬▬▬▬▬▬▬▬▬▬▬▬▬▬▬▬▬
4. SPÔSOB ÚDRŽBY
30° Pranie v tepl. 30°C.
Nechlórovať.
Nežehlite.
Nečistiť chemicky.
Nesušte v sušičke.
▬▬▬▬▬▬▬▬▬▬▬▬▬▬▬▬▬▬▬▬▬▬▬▬▬▬▬▬▬▬▬▬▬▬ ▬▬▬▬▬▬▬▬▬▬▬▬▬▬▬▬▬▬▬▬▬▬▬▬▬▬▬▬▬▬
5. UCHOVÁVANIE A DOPRAVA
▬▬▬▬▬▬▬▬▬▬▬▬▬▬▬▬▬▬▬▬▬▬▬▬▬▬▬▬▬▬▬▬▬▬ ▬▬▬▬▬▬▬▬▬▬▬▬▬▬▬▬▬▬▬▬▬▬▬▬▬▬▬▬▬▬ ▬▬▬▬▬▬▬▬▬▬▬▬▬▬▬▬▬▬▬▬▬▬▬▬▬▬▬▬▬▬▬
6. OZNAČENIE
▬▬▬▬▬▬▬▬▬▬▬▬▬▬▬▬▬▬▬▬▬▬▬▬▬▬▬▬▬▬▬▬▬▬ ▬▬▬▬▬▬▬▬▬▬▬▬▬▬▬▬▬▬▬▬▬▬▬▬▬▬▬▬▬▬ ▬▬▬▬▬▬▬▬▬▬▬▬▬▬▬▬▬▬▬▬▬▬▬▬▬▬▬▬▬▬▬▬
PROFIX Sp. z o.o., 03-228 Warszawa, ul. Marywilska 34, POĽSKO
BS	UPUTE ZA UPOTREBU ZAŠTITNE ODJEĆE
Prijevod originalnih uputstava
LAHTI PRO
DUKS, Šifra proizvoda: L401220X;L401230X;L401320X;L401330X;L401340X;L401350X;L401410X;L401420X;L401430X
(X=size, 1=S, 2=M, 3=L, 4=XL, 5=2XL, 6=3XL)
i	MOLIM VAS DA DOBRO PROČITAJTE PRIRUČNIK PRIJE UPOTREBE PROIZVODA. Čuvajte priručnik za buduću upotrebu.
!
UPOZORENJE! Pročitajte sva upozorenja i savjete za sigurnost.
▬▬▬▬▬▬▬▬▬▬▬▬▬▬▬▬▬▬▬▬▬▬▬▬▬▬▬▬▬▬▬▬▬▬ ▬▬▬▬▬▬▬▬▬▬▬▬▬▬▬▬▬▬▬▬▬▬▬▬▬▬▬▬▬▬ ▬▬▬▬▬▬▬▬▬▬▬▬▬▬▬▬▬▬▬▬▬▬▬▬
1. UPOTREBA
▬▬▬▬▬▬▬▬▬▬▬▬▬▬▬▬▬▬▬▬▬▬▬▬▬▬▬▬▬▬▬▬▬▬ ▬▬▬▬▬▬▬▬▬▬▬▬▬▬▬▬▬▬▬▬▬▬▬▬▬▬▬▬▬▬ ▬▬▬▬▬▬▬▬▬▬▬▬▬▬▬▬▬▬
2. MATERIJAL
100% polyester
◉	ANTI PILLING
Materijal bez pilinga
✲	SOFT COMFORT
Mekani materijal
Težina:
210
g/m²
▬▬▬▬▬▬▬▬▬▬▬▬▬▬▬▬▬▬▬▬▬▬▬▬▬▬▬▬▬▬▬▬▬▬ ▬▬▬▬▬▬▬▬▬▬▬▬▬▬▬▬▬▬▬▬▬▬▬▬▬▬▬▬▬▬ ▬▬▬▬▬▬▬▬▬▬▬▬▬▬▬▬▬▬▬▬▬▬▬▬▬▬▬▬▬ ▬▬▬▬▬▬▬▬▬▬▬▬▬▬▬▬▬▬▬▬▬▬▬▬▬▬▬▬▬▬▬▬▬ ▬▬▬▬▬▬▬▬▬▬▬▬▬▬▬▬▬▬▬▬▬▬▬▬▬▬▬▬▬▬▬▬ ▬▬▬▬▬▬▬▬▬▬▬▬▬▬▬▬▬▬▬▬▬▬▬▬▬▬▬▬▬▬▬▬▬
▬▬▬▬▬▬▬▬▬▬▬▬▬▬▬▬▬▬▬▬▬▬▬▬▬▬▬▬▬▬▬▬▬▬ ▬▬▬▬▬▬▬▬▬▬▬▬▬▬▬▬▬▬▬▬▬▬▬▬▬▬▬▬▬▬ ▬▬▬▬▬▬▬▬▬▬▬▬▬▬▬▬▬▬▬▬▬▬▬▬▬▬ ▬▬▬▬▬▬▬▬▬▬▬▬▬▬▬▬▬▬▬▬▬▬▬▬▬▬▬▬▬▬▬
4. NAČIN ODRŽAVANJA
30° Operite na 30°C
Ne hlorirati
Ne peglajte
Ne sušiti se čistim.
Ne sušiti na suvo.
▬▬▬▬▬▬▬▬▬▬▬▬▬▬▬▬▬▬▬▬▬▬▬▬▬▬▬▬▬▬▬▬▬▬ ▬▬▬▬▬▬▬▬▬▬▬▬▬▬▬▬▬▬▬▬▬▬▬▬▬▬▬▬▬▬
5. SKLADIŠTENJE I TRANSPORT
▬▬▬▬▬▬▬▬▬▬▬▬▬▬▬▬▬▬▬▬▬▬▬▬▬▬▬▬▬▬▬▬▬▬ ▬▬▬▬▬▬▬▬▬▬▬▬▬▬▬▬▬▬▬▬▬▬▬▬▬▬▬▬▬▬ ▬▬▬▬▬▬▬▬▬▬▬▬▬▬▬▬▬▬▬▬▬▬▬▬▬▬▬▬▬▬▬
6. OBILJEŽAVANJE
▬▬▬▬▬▬▬▬▬▬▬▬▬▬▬▬▬▬▬▬▬▬▬▬▬▬▬▬▬▬▬▬▬▬ ▬▬▬▬▬▬▬▬▬▬▬▬▬▬▬▬▬▬▬▬▬▬▬▬▬▬▬▬▬▬ ▬▬▬▬▬▬▬▬▬▬▬▬▬▬▬▬▬▬▬▬▬▬▬▬▬▬▬▬▬▬▬▬
PROFIX Sp. z o.o., 03-228 Warszawa, ul. Marywilska 34, POLJSKA
